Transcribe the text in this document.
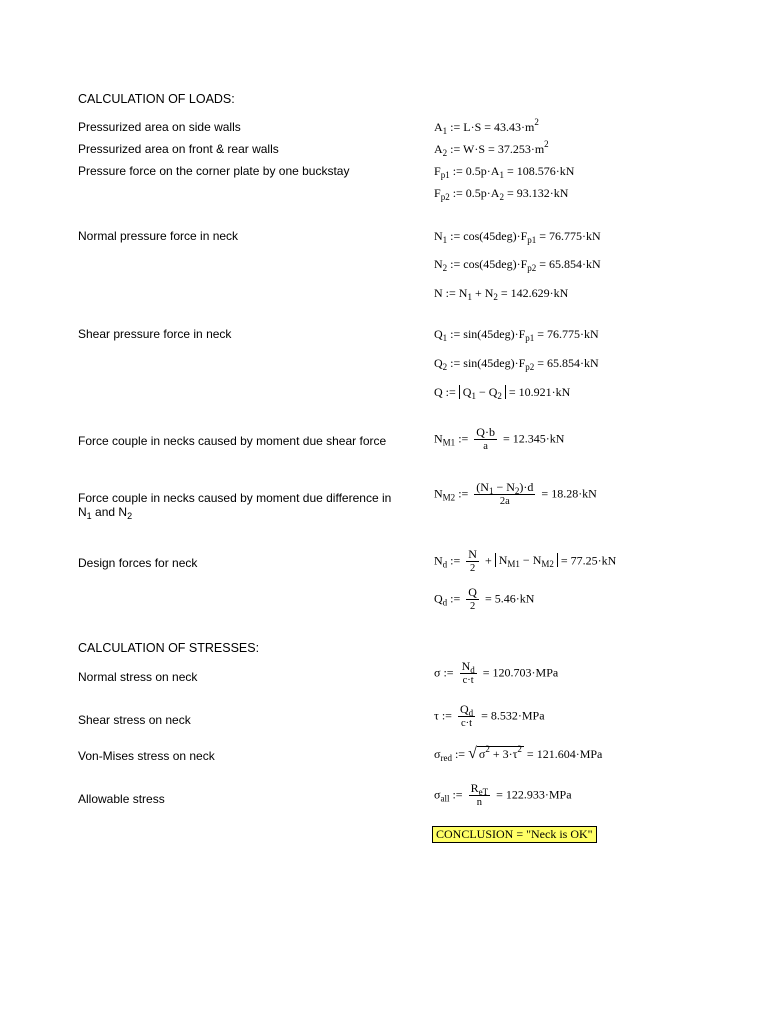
CALCULATION OF LOADS:
Pressurized area on side walls	$A_1$ := $L\cdot S = 43.43\cdot m^2$
Pressurized area on front & rear walls	$A_2$ := $W\cdot S = 37.253\cdot m^2$
Pressure force on the corner plate by one buckstay	$F_{p1}$ := $0.5p\cdot A_1 = 108.576\cdot kN$
$F_{p2}$ := $0.5p\cdot A_2 = 93.132\cdot kN$
Normal pressure force in neck	$N_1$ := $\cos(45deg)\cdot F_{p1} = 76.775\cdot kN$
$N_2$ := $\cos(45deg)\cdot F_{p2} = 65.854\cdot kN$
N := $N_1 + N_2 = 142.629\cdot kN$
Shear pressure force in neck	$Q_1$ := $\sin(45deg)\cdot F_{p1} = 76.775\cdot kN$
$Q_2$ := $\sin(45deg)\cdot F_{p2} = 65.854\cdot kN$
Q := $Q_1 - Q_2 = 10.921\cdot kN$
Force couple in necks caused by moment due shear force	$N_{M1}$ := $\frac{Q\cdot b}{a} = 12.345\cdot kN$
Force couple in necks caused by moment due difference in
$N_1$ and $N_2$
$N_{M2}$ := $\frac{(N_1 - N_2)\cdot d}{2a} = 18.28\cdot kN$
Design forces for neck	$N_d$ := $\frac{N}{2} + N_{M1} - N_{M2} = 77.25\cdot kN$
$Q_d$ := $\frac{Q}{2} = 5.46\cdot kN$
CALCULATION OF STRESSES:
Normal stress on neck	σ := $\frac{N_d}{c\cdot t} = 120.703\cdot MPa$
Shear stress on neck	τ := $\frac{Q_d}{c\cdot t} = 8.532\cdot MPa$
Von-Mises stress on neck	$\sigma_{red}$ := √ $\sigma^2 + 3\cdot\tau^2 = 121.604\cdot MPa$
Allowable stress	$\sigma_{all}$ := $\frac{R_{eT}}{n} = 122.933\cdot MPa$
CONCLUSION = "Neck is OK"
